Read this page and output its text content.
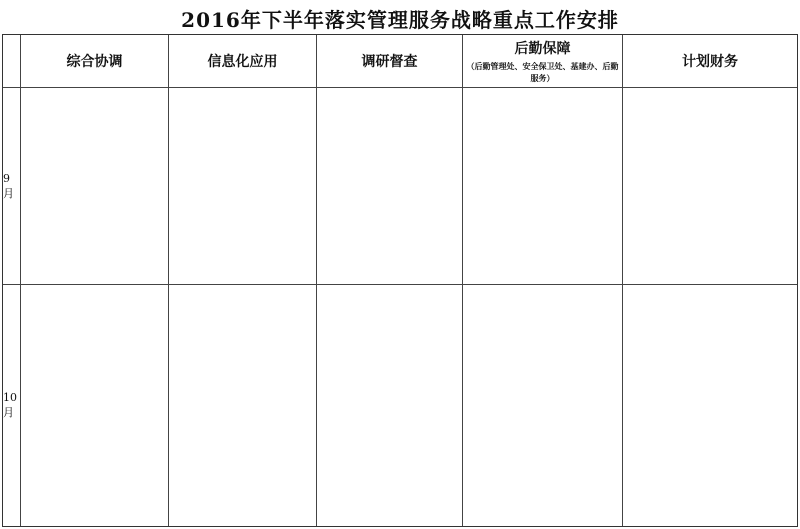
2016年下半年落实管理服务战略重点工作安排
综合协调	信息化应用	调研督查
后勤保障
（后勤管理处、安全保卫处、基建办、后勤服务）
计划财务
9月
10月
